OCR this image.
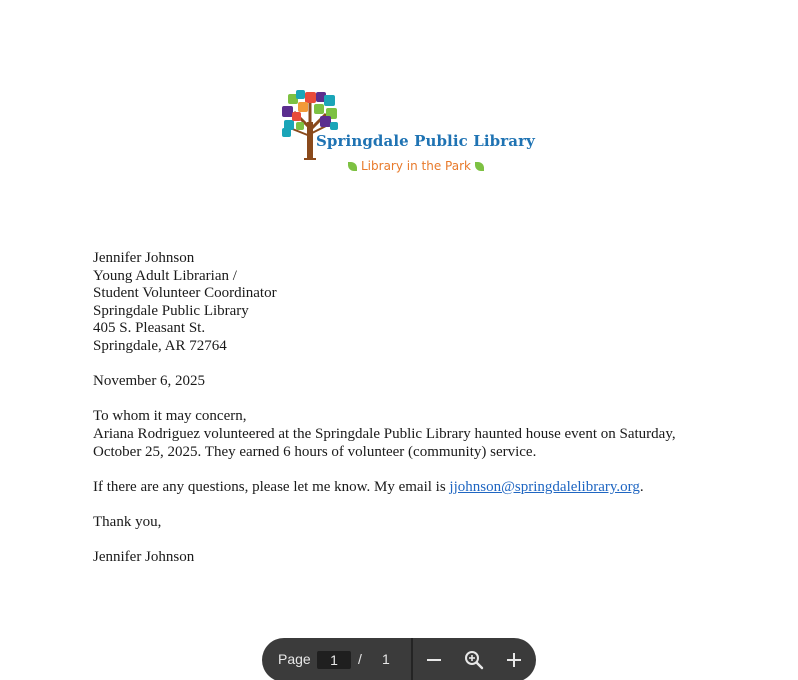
Springdale Public Library
Library in the Park
Jennifer Johnson
Young Adult Librarian /
Student Volunteer Coordinator
Springdale Public Library
405 S. Pleasant St.
Springdale, AR 72764
November 6, 2025
To whom it may concern,
Ariana Rodriguez volunteered at the Springdale Public Library haunted house event on Saturday,
October 25, 2025. They earned 6 hours of volunteer (community) service.
If there are any questions, please let me know. My email is jjohnson@springdalelibrary.org.
Thank you,
Jennifer Johnson
Page
1	/ 1
